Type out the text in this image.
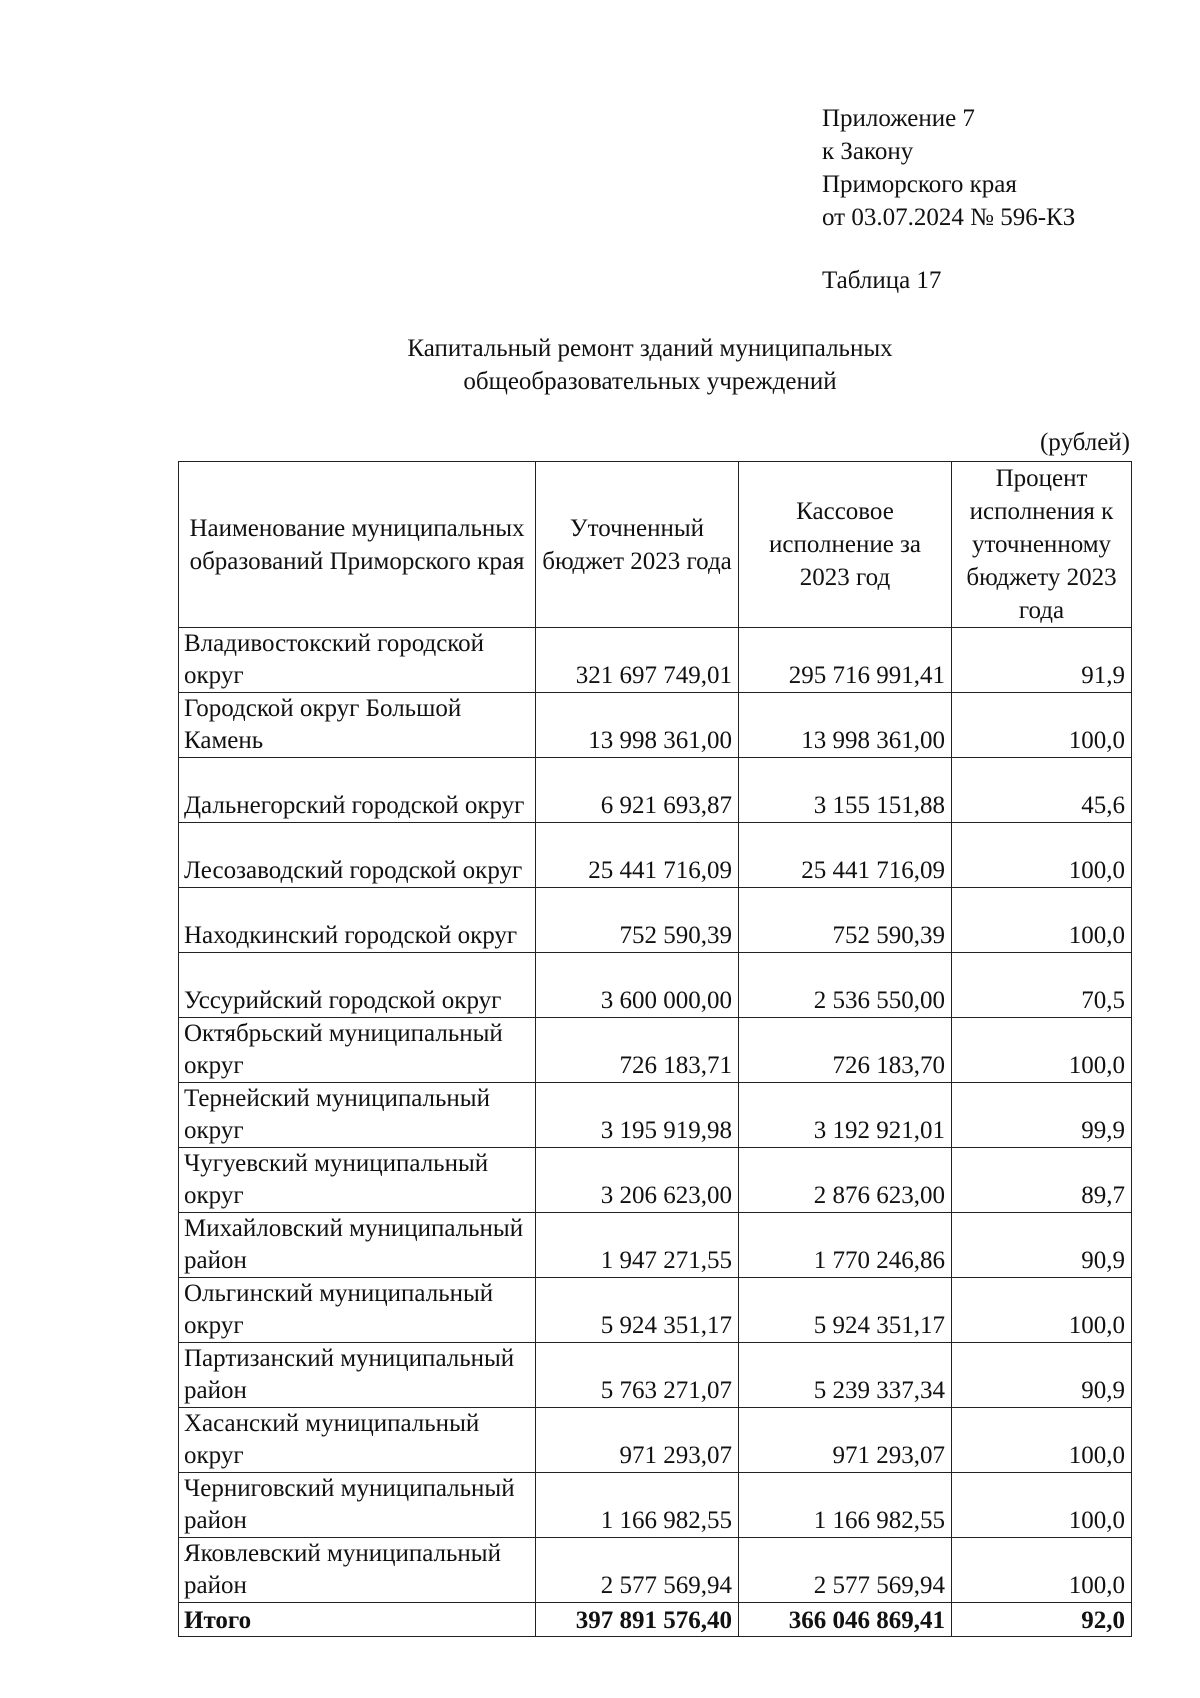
Приложение 7
к Закону
Приморского края
от 03.07.2024 № 596-КЗ
Таблица 17
Капитальный ремонт зданий муниципальных
общеобразовательных учреждений
(рублей)
Наименование муниципальных образований Приморского края	Уточненный бюджет 2023 года	Кассовое исполнение за 2023 год	Процент исполнения к уточненному бюджету 2023 года
Владивостокский городской округ	321 697 749,01	295 716 991,41	91,9
Городской округ Большой Камень	13 998 361,00	13 998 361,00	100,0
Дальнегорский городской округ	6 921 693,87	3 155 151,88	45,6
Лесозаводский городской округ	25 441 716,09	25 441 716,09	100,0
Находкинский городской округ	752 590,39	752 590,39	100,0
Уссурийский городской округ	3 600 000,00	2 536 550,00	70,5
Октябрьский муниципальный округ	726 183,71	726 183,70	100,0
Тернейский муниципальный округ	3 195 919,98	3 192 921,01	99,9
Чугуевский муниципальный округ	3 206 623,00	2 876 623,00	89,7
Михайловский муниципальный район	1 947 271,55	1 770 246,86	90,9
Ольгинский муниципальный округ	5 924 351,17	5 924 351,17	100,0
Партизанский муниципальный район	5 763 271,07	5 239 337,34	90,9
Хасанский муниципальный округ	971 293,07	971 293,07	100,0
Черниговский муниципальный район	1 166 982,55	1 166 982,55	100,0
Яковлевский муниципальный район	2 577 569,94	2 577 569,94	100,0
Итого	397 891 576,40	366 046 869,41	92,0
